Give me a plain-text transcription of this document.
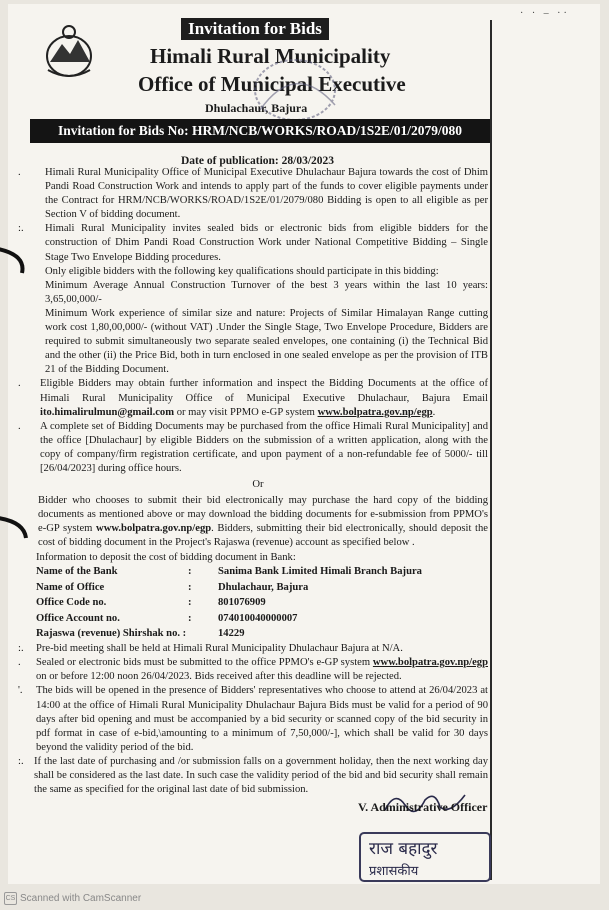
· · – ··
Invitation for Bids
Himali Rural Municipality
Office of Municipal Executive
Dhulachaur, Bajura
Invitation for Bids No: HRM/NCB/WORKS/ROAD/1S2E/01/2079/080
Date of publication: 28/03/2023
. Himali Rural Municipality Office of Municipal Executive Dhulachaur Bajura towards the cost of Dhim Pandi Road Construction Work and intends to apply part of the funds to cover eligible payments under the Contract for HRM/NCB/WORKS/ROAD/1S2E/01/2079/080 Bidding is open to all eligible as per Section V of bidding document.
:. Himali Rural Municipality invites sealed bids or electronic bids from eligible bidders for the construction of Dhim Pandi Road Construction Work under National Competitive Bidding – Single Stage Two Envelope Bidding procedures.
Only eligible bidders with the following key qualifications should participate in this bidding:
Minimum Average Annual Construction Turnover of the best 3 years within the last 10 years: 3,65,00,000/-
Minimum Work experience of similar size and nature: Projects of Similar Himalayan Range cutting work cost 1,80,00,000/- (without VAT) .Under the Single Stage, Two Envelope Procedure, Bidders are required to submit simultaneously two separate sealed envelopes, one containing (i) the Technical Bid and the other (ii) the Price Bid, both in turn enclosed in one sealed envelope as per the provision of ITB 21 of the Bidding Document.
. Eligible Bidders may obtain further information and inspect the Bidding Documents at the office of Himali Rural Municipality Office of Municipal Executive Dhulachaur, Bajura Email ito.himalirulmun@gmail.com or may visit PPMO e-GP system www.bolpatra.gov.np/egp.
. A complete set of Bidding Documents may be purchased from the office Himali Rural Municipality] and the office [Dhulachaur] by eligible Bidders on the submission of a written application, along with the copy of company/firm registration certificate, and upon payment of a non-refundable fee of 5000/- till [26/04/2023] during office hours.
Or
Bidder who chooses to submit their bid electronically may purchase the hard copy of the bidding documents as mentioned above or may download the bidding documents for e-submission from PPMO's e-GP system www.bolpatra.gov.np/egp. Bidders, submitting their bid electronically, should deposit the cost of bidding document in the Project's Rajaswa (revenue) account as specified below .
Information to deposit the cost of bidding document in Bank:
Name of the Bank	:	Sanima Bank Limited Himali Branch Bajura
Name of Office	:	Dhulachaur, Bajura
Office Code no.	:	801076909
Office Account no.	:	074010040000007
Rajaswa (revenue) Shirshak no. :		14229
:. Pre-bid meeting shall be held at Himali Rural Municipality Dhulachaur Bajura at N/A.
. Sealed or electronic bids must be submitted to the office PPMO's e-GP system www.bolpatra.gov.np/egp on or before 12:00 noon 26/04/2023. Bids received after this deadline will be rejected.
'. The bids will be opened in the presence of Bidders' representatives who choose to attend at 26/04/2023 at 14:00 at the office of Himali Rural Municipality Dhulachaur Bajura Bids must be valid for a period of 90 days after bid opening and must be accompanied by a bid security or scanned copy of the bid security in pdf format in case of e-bid,\amounting to a minimum of 7,50,000/-], which shall be valid for 30 days beyond the validity period of the bid.
:. If the last date of purchasing and /or submission falls on a government holiday, then the next working day shall be considered as the last date. In such case the validity period of the bid and bid security shall remain the same as specified for the original last date of bid submission.
V. Administrative Officer
राज बहादुर
प्रशासकीय
CS Scanned with CamScanner
